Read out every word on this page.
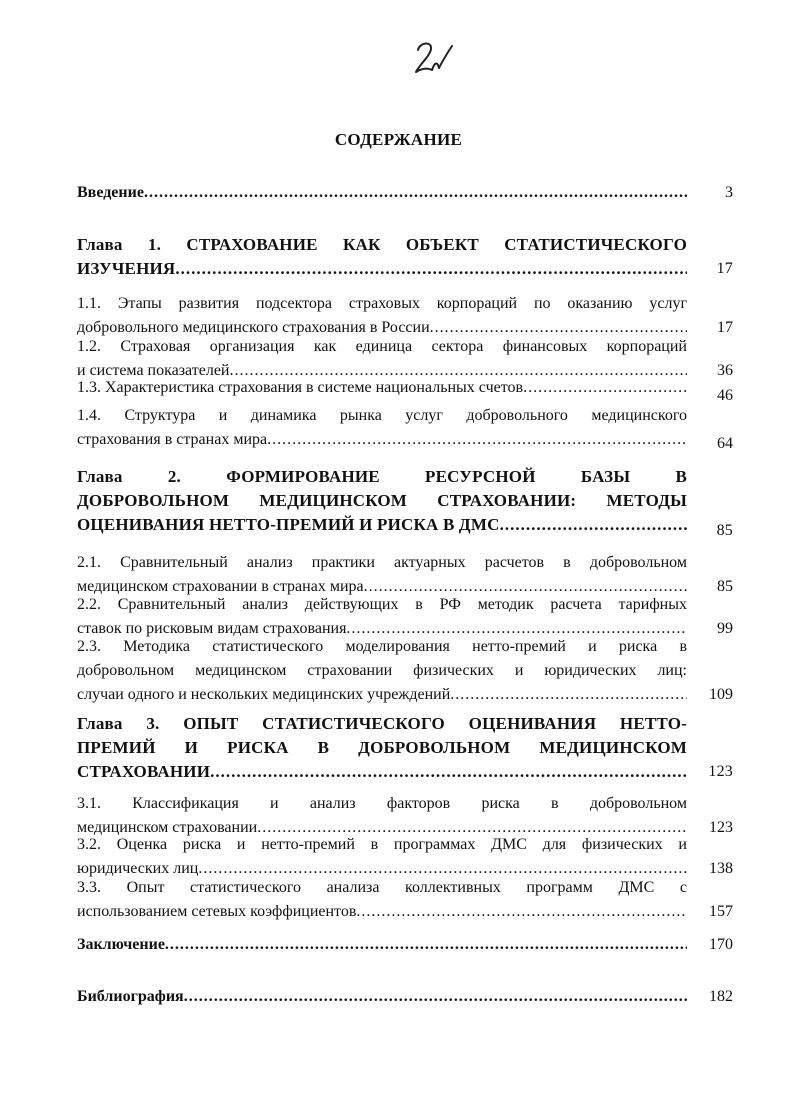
СОДЕРЖАНИЕ
Введение .....	3
Глава 1. СТРАХОВАНИЕ КАК ОБЪЕКТ СТАТИСТИЧЕСКОГО
ИЗУЧЕНИЯ .....	17
1.1. Этапы развития подсектора страховых корпораций по оказанию услуг
добровольного медицинского страхования в России .....	17
1.2. Страховая организация как единица сектора финансовых корпораций
и система показателей .....	36
1.3. Характеристика страхования в системе национальных счетов .....	46
1.4. Структура и динамика рынка услуг добровольного медицинского
страхования в странах мира .....	64
Глава 2. ФОРМИРОВАНИЕ РЕСУРСНОЙ БАЗЫ В
ДОБРОВОЛЬНОМ МЕДИЦИНСКОМ СТРАХОВАНИИ: МЕТОДЫ
ОЦЕНИВАНИЯ НЕТТО-ПРЕМИЙ И РИСКА В ДМС .....	85
2.1. Сравнительный анализ практики актуарных расчетов в добровольном
медицинском страховании в странах мира .....	85
2.2. Сравнительный анализ действующих в РФ методик расчета тарифных
ставок по рисковым видам страхования .....	99
2.3. Методика статистического моделирования нетто-премий и риска в
добровольном медицинском страховании физических и юридических лиц:
случаи одного и нескольких медицинских учреждений .....	109
Глава 3. ОПЫТ СТАТИСТИЧЕСКОГО ОЦЕНИВАНИЯ НЕТТО-
ПРЕМИЙ И РИСКА В ДОБРОВОЛЬНОМ МЕДИЦИНСКОМ
СТРАХОВАНИИ .....	123
3.1. Классификация и анализ факторов риска в добровольном
медицинском страховании .....	123
3.2. Оценка риска и нетто-премий в программах ДМС для физических и
юридических лиц .....	138
3.3. Опыт статистического анализа коллективных программ ДМС с
использованием сетевых коэффициентов .....	157
Заключение .....	170
Библиография .....	182
